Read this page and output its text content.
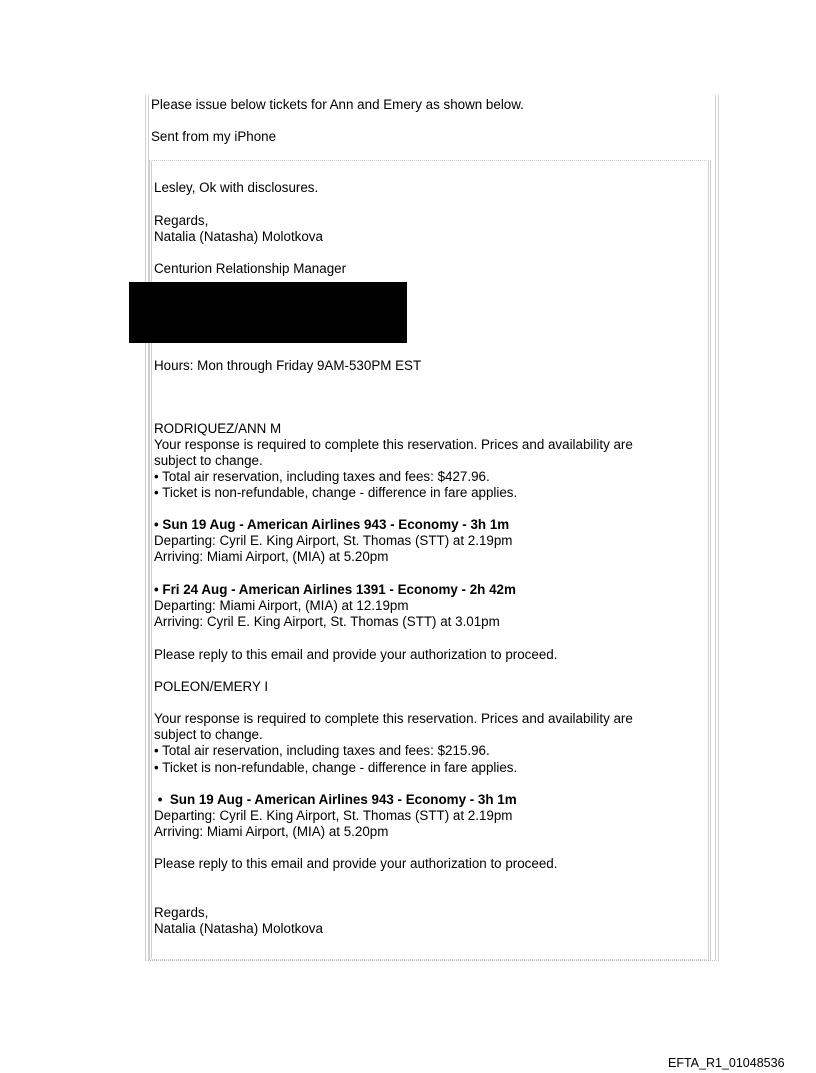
Please issue below tickets for Ann and Emery as shown below.
Sent from my iPhone
Lesley, Ok with disclosures.
Regards,
Natalia (Natasha) Molotkova
Centurion Relationship Manager
Hours: Mon through Friday 9AM-530PM EST
RODRIQUEZ/ANN M
Your response is required to complete this reservation. Prices and availability are
subject to change.
• Total air reservation, including taxes and fees: $427.96.
• Ticket is non-refundable, change - difference in fare applies.
• Sun 19 Aug - American Airlines 943 - Economy - 3h 1m
Departing: Cyril E. King Airport, St. Thomas (STT) at 2.19pm
Arriving: Miami Airport, (MIA) at 5.20pm
• Fri 24 Aug - American Airlines 1391 - Economy - 2h 42m
Departing: Miami Airport, (MIA) at 12.19pm
Arriving: Cyril E. King Airport, St. Thomas (STT) at 3.01pm
Please reply to this email and provide your authorization to proceed.
POLEON/EMERY I
Your response is required to complete this reservation. Prices and availability are
subject to change.
• Total air reservation, including taxes and fees: $215.96.
• Ticket is non-refundable, change - difference in fare applies.
•  Sun 19 Aug - American Airlines 943 - Economy - 3h 1m
Departing: Cyril E. King Airport, St. Thomas (STT) at 2.19pm
Arriving: Miami Airport, (MIA) at 5.20pm
Please reply to this email and provide your authorization to proceed.
Regards,
Natalia (Natasha) Molotkova
EFTA_R1_01048536
